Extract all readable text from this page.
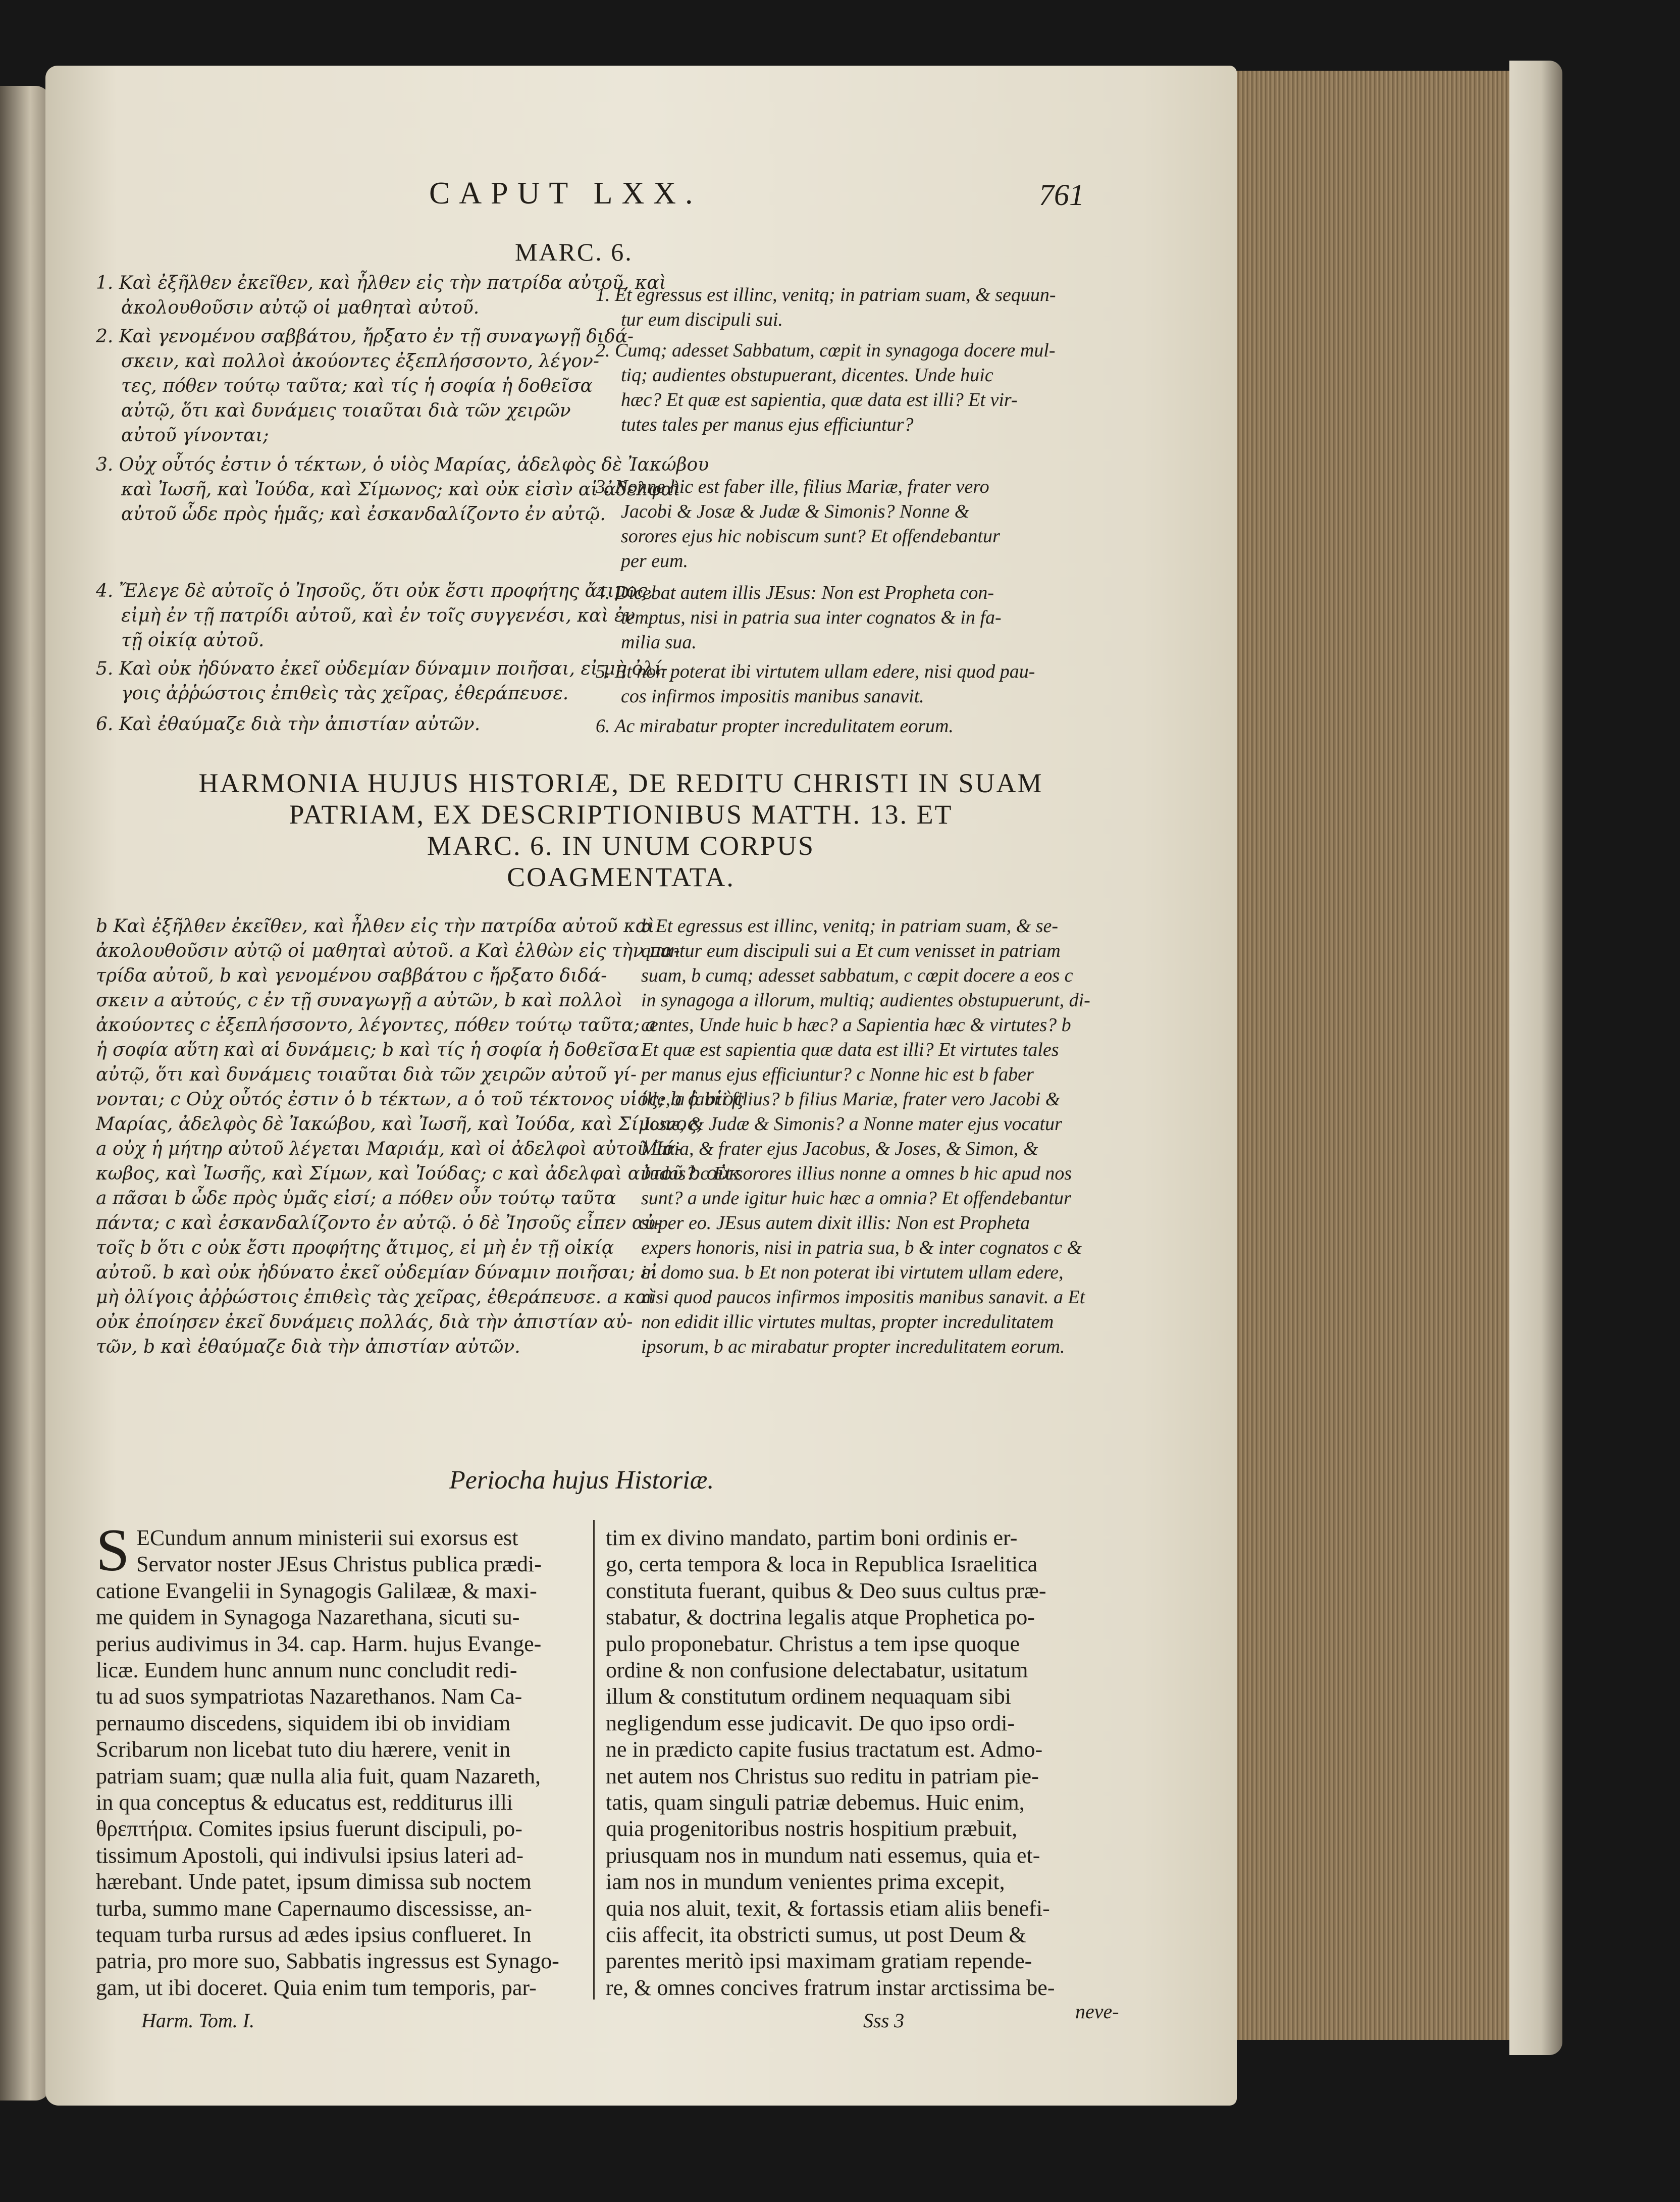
CAPUT LXX.	761
MARC. 6.
1. Καὶ ἐξῆλθεν ἐκεῖθεν, καὶ ἦλθεν εἰς τὴν πατρίδα αὐτοῦ, καὶ
ἀκολουθοῦσιν αὐτῷ οἱ μαθηταὶ αὐτοῦ.
2. Καὶ γενομένου σαββάτου, ἤρξατο ἐν τῇ συναγωγῇ διδά-
σκειν, καὶ πολλοὶ ἀκούοντες ἐξεπλήσσοντο, λέγον-
τες, πόθεν τούτῳ ταῦτα; καὶ τίς ἡ σοφία ἡ δοθεῖσα
αὐτῷ, ὅτι καὶ δυνάμεις τοιαῦται διὰ τῶν χειρῶν
αὐτοῦ γίνονται;
3. Οὐχ οὗτός ἐστιν ὁ τέκτων, ὁ υἱὸς Μαρίας, ἀδελφὸς δὲ Ἰακώβου
καὶ Ἰωσῆ, καὶ Ἰούδα, καὶ Σίμωνος; καὶ οὐκ εἰσὶν αἱ ἀδελφαὶ
αὐτοῦ ὧδε πρὸς ἡμᾶς; καὶ ἐσκανδαλίζοντο ἐν αὐτῷ.
4. Ἔλεγε δὲ αὐτοῖς ὁ Ἰησοῦς, ὅτι οὐκ ἔστι προφήτης ἄτιμος,
εἰμὴ ἐν τῇ πατρίδι αὐτοῦ, καὶ ἐν τοῖς συγγενέσι, καὶ ἐν
τῇ οἰκίᾳ αὐτοῦ.
5. Καὶ οὐκ ἠδύνατο ἐκεῖ οὐδεμίαν δύναμιν ποιῆσαι, εἰ μὴ ὀλί-
γοις ἀῤῥώστοις ἐπιθεὶς τὰς χεῖρας, ἐθεράπευσε.
6. Καὶ ἐθαύμαζε διὰ τὴν ἀπιστίαν αὐτῶν.
1. Et egressus est illinc, venitq; in patriam suam, & sequun-
tur eum discipuli sui.
2. Cumq; adesset Sabbatum, cœpit in synagoga docere mul-
tiq; audientes obstupuerant, dicentes. Unde huic
hæc? Et quæ est sapientia, quæ data est illi? Et vir-
tutes tales per manus ejus efficiuntur?
3. Nonne hic est faber ille, filius Mariæ, frater vero
Jacobi & Josæ & Judæ & Simonis? Nonne &
sorores ejus hic nobiscum sunt? Et offendebantur
per eum.
4. Dicebat autem illis JEsus: Non est Propheta con-
temptus, nisi in patria sua inter cognatos & in fa-
milia sua.
5. Et non poterat ibi virtutem ullam edere, nisi quod pau-
cos infirmos impositis manibus sanavit.
6. Ac mirabatur propter incredulitatem eorum.
HARMONIA HUJUS HISTORIÆ, DE REDITU CHRISTI IN SUAM
PATRIAM, EX DESCRIPTIONIBUS MATTH. 13. ET
MARC. 6. IN UNUM CORPUS
COAGMENTATA.
b Καὶ ἐξῆλθεν ἐκεῖθεν, καὶ ἦλθεν εἰς τὴν πατρίδα αὐτοῦ καὶ
ἀκολουθοῦσιν αὐτῷ οἱ μαθηταὶ αὐτοῦ. a Καὶ ἐλθὼν εἰς τὴν πα-
τρίδα αὐτοῦ, b καὶ γενομένου σαββάτου c ἤρξατο διδά-
σκειν a αὐτούς, c ἐν τῇ συναγωγῇ a αὐτῶν, b καὶ πολλοὶ
ἀκούοντες c ἐξεπλήσσοντο, λέγοντες, πόθεν τούτῳ ταῦτα; a
ἡ σοφία αὕτη καὶ αἱ δυνάμεις; b καὶ τίς ἡ σοφία ἡ δοθεῖσα
αὐτῷ, ὅτι καὶ δυνάμεις τοιαῦται διὰ τῶν χειρῶν αὐτοῦ γί-
νονται; c Οὐχ οὗτός ἐστιν ὁ b τέκτων, a ὁ τοῦ τέκτονος υἱός; b ὁ υἱὸς
Μαρίας, ἀδελφὸς δὲ Ἰακώβου, καὶ Ἰωσῆ, καὶ Ἰούδα, καὶ Σίμωνος;
a οὐχ ἡ μήτηρ αὐτοῦ λέγεται Μαριάμ, καὶ οἱ ἀδελφοὶ αὐτοῦ Ἰά-
κωβος, καὶ Ἰωσῆς, καὶ Σίμων, καὶ Ἰούδας; c καὶ ἀδελφαὶ αὐτοῦ b οὐκ
a πᾶσαι b ὧδε πρὸς ὑμᾶς εἰσί; a πόθεν οὖν τούτῳ ταῦτα
πάντα; c καὶ ἐσκανδαλίζοντο ἐν αὐτῷ. ὁ δὲ Ἰησοῦς εἶπεν αὐ-
τοῖς b ὅτι c οὐκ ἔστι προφήτης ἄτιμος, εἰ μὴ ἐν τῇ οἰκίᾳ
αὐτοῦ. b καὶ οὐκ ἠδύνατο ἐκεῖ οὐδεμίαν δύναμιν ποιῆσαι; εἰ
μὴ ὀλίγοις ἀῤῥώστοις ἐπιθεὶς τὰς χεῖρας, ἐθεράπευσε. a καὶ
οὐκ ἐποίησεν ἐκεῖ δυνάμεις πολλάς, διὰ τὴν ἀπιστίαν αὐ-
τῶν, b καὶ ἐθαύμαζε διὰ τὴν ἀπιστίαν αὐτῶν.
b Et egressus est illinc, venitq; in patriam suam, & se-
quuntur eum discipuli sui a Et cum venisset in patriam
suam, b cumq; adesset sabbatum, c cœpit docere a eos c
in synagoga a illorum, multiq; audientes obstupuerunt, di-
centes, Unde huic b hæc? a Sapientia hæc & virtutes? b
Et quæ est sapientia quæ data est illi? Et virtutes tales
per manus ejus efficiuntur? c Nonne hic est b faber
ille, a fabri filius? b filius Mariæ, frater vero Jacobi &
Josæ, & Judæ & Simonis? a Nonne mater ejus vocatur
Maria, & frater ejus Jacobus, & Joses, & Simon, &
Judas? c Et sorores illius nonne a omnes b hic apud nos
sunt? a unde igitur huic hæc a omnia? Et offendebantur
super eo. JEsus autem dixit illis: Non est Propheta
expers honoris, nisi in patria sua, b & inter cognatos c &
in domo sua. b Et non poterat ibi virtutem ullam edere,
nisi quod paucos infirmos impositis manibus sanavit. a Et
non edidit illic virtutes multas, propter incredulitatem
ipsorum, b ac mirabatur propter incredulitatem eorum.
Periocha hujus Historiæ.
S ECundum annum ministerii sui exorsus est
Servator noster JEsus Christus publica prædi-
catione Evangelii in Synagogis Galilææ, & maxi-
me quidem in Synagoga Nazarethana, sicuti su-
perius audivimus in 34. cap. Harm. hujus Evange-
licæ. Eundem hunc annum nunc concludit redi-
tu ad suos sympatriotas Nazarethanos. Nam Ca-
pernaumo discedens, siquidem ibi ob invidiam
Scribarum non licebat tuto diu hærere, venit in
patriam suam; quæ nulla alia fuit, quam Nazareth,
in qua conceptus & educatus est, redditurus illi
θρεπτήρια. Comites ipsius fuerunt discipuli, po-
tissimum Apostoli, qui indivulsi ipsius lateri ad-
hærebant. Unde patet, ipsum dimissa sub noctem
turba, summo mane Capernaumo discessisse, an-
tequam turba rursus ad ædes ipsius conflueret. In
patria, pro more suo, Sabbatis ingressus est Synago-
gam, ut ibi doceret. Quia enim tum temporis, par-
tim ex divino mandato, partim boni ordinis er-
go, certa tempora & loca in Republica Israelitica
constituta fuerant, quibus & Deo suus cultus præ-
stabatur, & doctrina legalis atque Prophetica po-
pulo proponebatur. Christus a tem ipse quoque
ordine & non confusione delectabatur, usitatum
illum & constitutum ordinem nequaquam sibi
negligendum esse judicavit. De quo ipso ordi-
ne in prædicto capite fusius tractatum est. Admo-
net autem nos Christus suo reditu in patriam pie-
tatis, quam singuli patriæ debemus. Huic enim,
quia progenitoribus nostris hospitium præbuit,
priusquam nos in mundum nati essemus, quia et-
iam nos in mundum venientes prima excepit,
quia nos aluit, texit, & fortassis etiam aliis benefi-
ciis affecit, ita obstricti sumus, ut post Deum &
parentes meritò ipsi maximam gratiam repende-
re, & omnes concives fratrum instar arctissima be-
Harm. Tom. I.	Sss 3	neve-
